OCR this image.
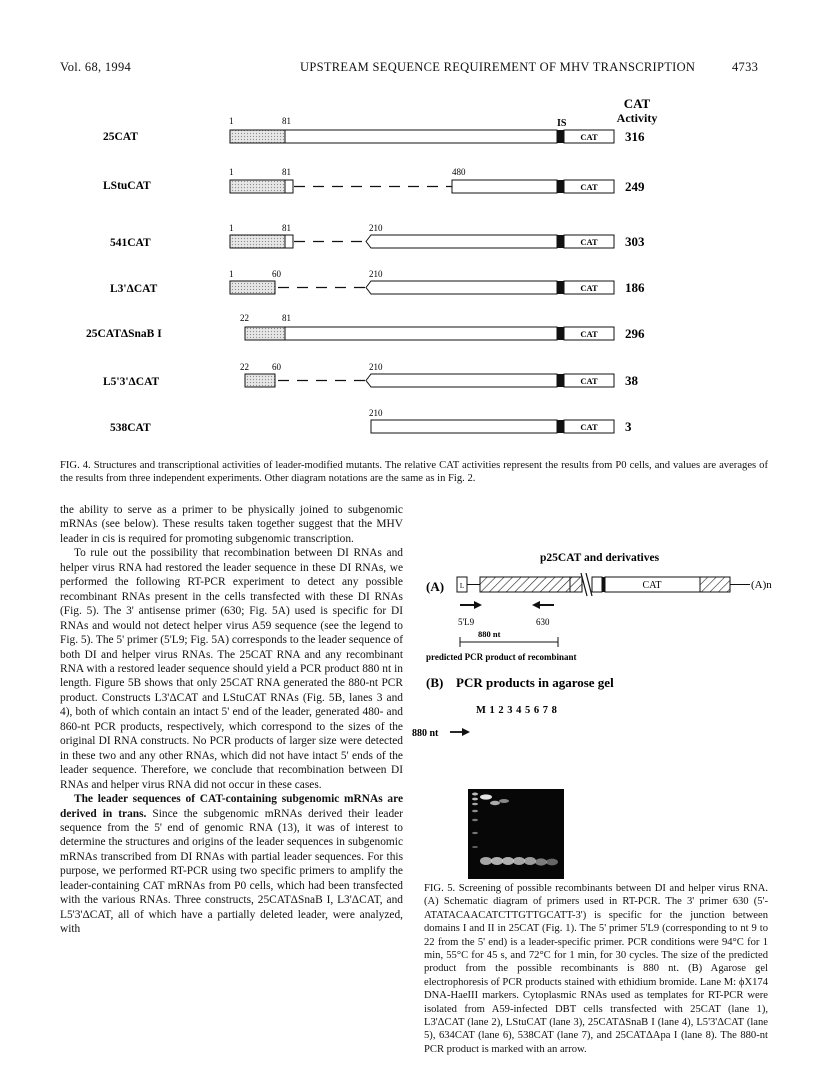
Vol. 68, 1994	UPSTREAM SEQUENCE REQUIREMENT OF MHV TRANSCRIPTION	4733
CAT
Activity
25CAT
1	81	IS
CAT 316
LStuCAT
1	81	480
CAT 249
541CAT
1	81	210
CAT 303
L3'ΔCAT
1	60	210
CAT 186
25CATΔSnaB I
22	81
CAT 296
L5'3'ΔCAT
22	60	210
CAT 38
538CAT
210
CAT 3
FIG. 4. Structures and transcriptional activities of leader-modified mutants. The relative CAT activities represent the results from P0 cells, and values are averages of the results from three independent experiments. Other diagram notations are the same as in Fig. 2.

the ability to serve as a primer to be physically joined to subgenomic mRNAs (see below). These results taken together suggest that the MHV leader in cis is required for promoting subgenomic transcription.

To rule out the possibility that recombination between DI RNAs and helper virus RNA had restored the leader sequence in these DI RNAs, we performed the following RT-PCR experiment to detect any possible recombinant RNAs present in the cells transfected with these DI RNAs (Fig. 5). The 3' antisense primer (630; Fig. 5A) used is specific for DI RNAs and would not detect helper virus A59 sequence (see the legend to Fig. 5). The 5' primer (5'L9; Fig. 5A) corresponds to the leader sequence of both DI and helper virus RNAs. The 25CAT RNA and any recombinant RNA with a restored leader sequence should yield a PCR product 880 nt in length. Figure 5B shows that only 25CAT RNA generated the 880-nt PCR product. Constructs L3'ΔCAT and LStuCAT RNAs (Fig. 5B, lanes 3 and 4), both of which contain an intact 5' end of the leader, generated 480- and 860-nt PCR products, respectively, which correspond to the sizes of the original DI RNA constructs. No PCR products of larger size were detected in these two and any other RNAs, which did not have intact 5' ends of the leader sequence. Therefore, we conclude that recombination between DI RNAs and helper virus RNA did not occur in these cases.

The leader sequences of CAT-containing subgenomic mRNAs are derived in trans. Since the subgenomic mRNAs derived their leader sequence from the 5' end of genomic RNA (13), it was of interest to determine the structures and origins of the leader sequences in subgenomic mRNAs transcribed from DI RNAs with partial leader sequences. For this purpose, we performed RT-PCR using two specific primers to amplify the leader-containing CAT mRNAs from P0 cells, which had been transfected with the various RNAs. Three constructs, 25CATΔSnaB I, L3'ΔCAT, and L5'3'ΔCAT, all of which have a partially deleted leader, were analyzed, with

p25CAT and derivatives
(A) L	CAT	(A)n
5'L9	630
880 nt
predicted PCR product of recombinant
(B) PCR products in agarose gel
M 1 2 3 4 5 6 7 8
880 nt
FIG. 5. Screening of possible recombinants between DI and helper virus RNA. (A) Schematic diagram of primers used in RT-PCR. The 3' primer 630 (5'-ATATACAACATCTTGTTGCATT-3') is specific for the junction between domains I and II in 25CAT (Fig. 1). The 5' primer 5'L9 (corresponding to nt 9 to 22 from the 5' end) is a leader-specific primer. PCR conditions were 94°C for 1 min, 55°C for 45 s, and 72°C for 1 min, for 30 cycles. The size of the predicted product from the possible recombinants is 880 nt. (B) Agarose gel electrophoresis of PCR products stained with ethidium bromide. Lane M: ϕX174 DNA-HaeIII markers. Cytoplasmic RNAs used as templates for RT-PCR were isolated from A59-infected DBT cells transfected with 25CAT (lane 1), L3'ΔCAT (lane 2), LStuCAT (lane 3), 25CATΔSnaB I (lane 4), L5'3'ΔCAT (lane 5), 634CAT (lane 6), 538CAT (lane 7), and 25CATΔApa I (lane 8). The 880-nt PCR product is marked with an arrow.
